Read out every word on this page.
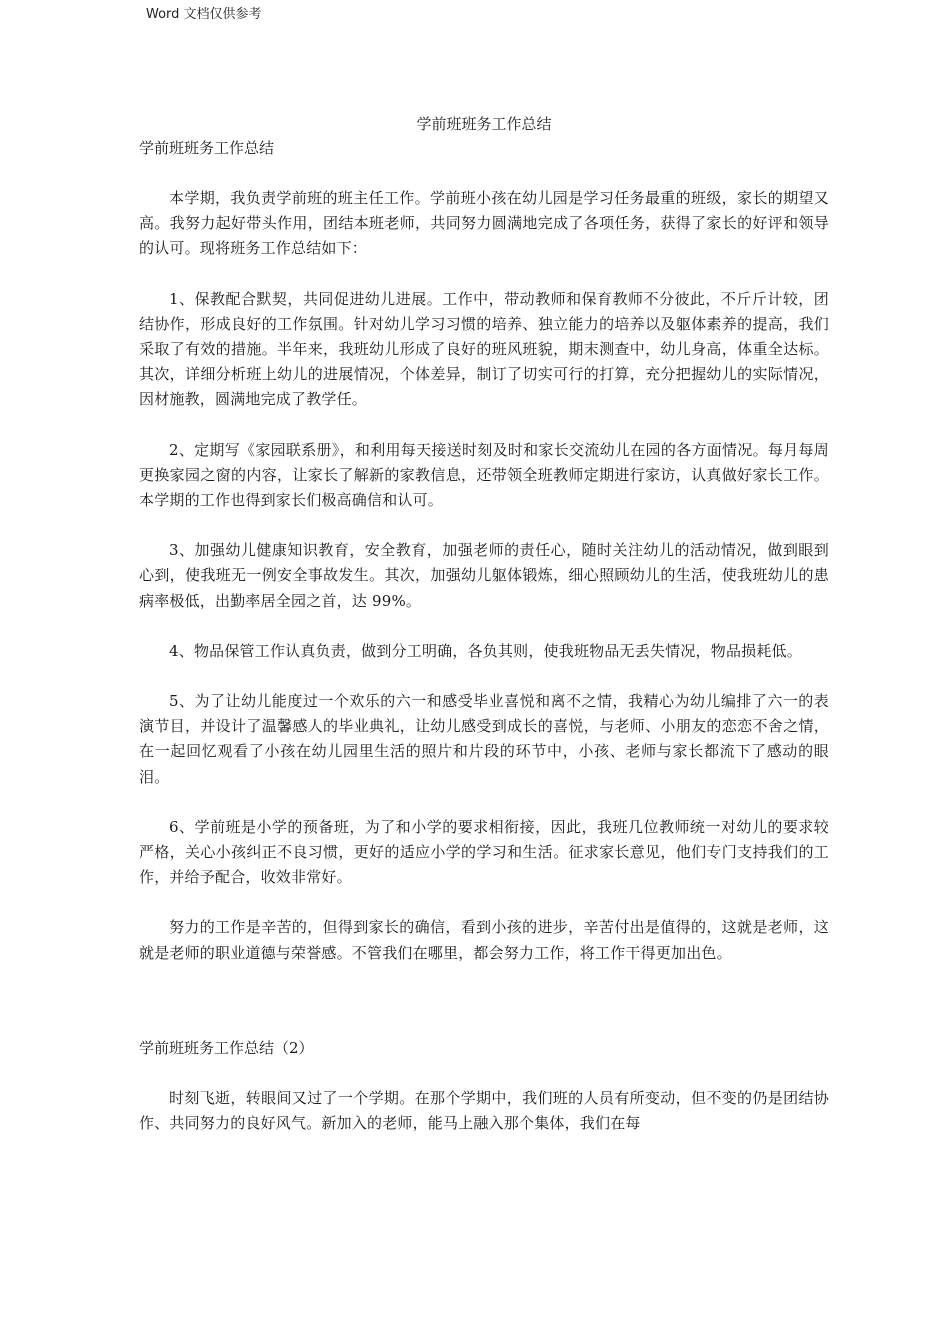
Word 文档仅供参考

学前班班务工作总结

学前班班务工作总结

本学期，我负责学前班的班主任工作。学前班小孩在幼儿园是学习任务最重的班级，家长的期望又高。我努力起好带头作用，团结本班老师，共同努力圆满地完成了各项任务，获得了家长的好评和领导的认可。现将班务工作总结如下：

1、保教配合默契，共同促进幼儿进展。工作中，带动教师和保育教师不分彼此，不斤斤计较，团结协作，形成良好的工作氛围。针对幼儿学习习惯的培养、独立能力的培养以及躯体素养的提高，我们采取了有效的措施。半年来，我班幼儿形成了良好的班风班貌，期末测查中，幼儿身高，体重全达标。其次，详细分析班上幼儿的进展情况，个体差异，制订了切实可行的打算，充分把握幼儿的实际情况，因材施教，圆满地完成了教学任。

2、定期写《家园联系册》，和利用每天接送时刻及时和家长交流幼儿在园的各方面情况。每月每周更换家园之窗的内容，让家长了解新的家教信息，还带领全班教师定期进行家访，认真做好家长工作。本学期的工作也得到家长们极高确信和认可。

3、加强幼儿健康知识教育，安全教育，加强老师的责任心，随时关注幼儿的活动情况，做到眼到心到，使我班无一例安全事故发生。其次，加强幼儿躯体锻炼，细心照顾幼儿的生活，使我班幼儿的患病率极低，出勤率居全园之首，达 99%。

4、物品保管工作认真负责，做到分工明确，各负其则，使我班物品无丢失情况，物品损耗低。

5、为了让幼儿能度过一个欢乐的六一和感受毕业喜悦和离不之情，我精心为幼儿编排了六一的表演节目，并设计了温馨感人的毕业典礼，让幼儿感受到成长的喜悦，与老师、小朋友的恋恋不舍之情，在一起回忆观看了小孩在幼儿园里生活的照片和片段的环节中，小孩、老师与家长都流下了感动的眼泪。

6、学前班是小学的预备班，为了和小学的要求相衔接，因此，我班几位教师统一对幼儿的要求较严格，关心小孩纠正不良习惯，更好的适应小学的学习和生活。征求家长意见，他们专门支持我们的工作，并给予配合，收效非常好。

努力的工作是辛苦的，但得到家长的确信，看到小孩的进步，辛苦付出是值得的，这就是老师，这就是老师的职业道德与荣誉感。不管我们在哪里，都会努力工作，将工作干得更加出色。

学前班班务工作总结（2）

时刻飞逝，转眼间又过了一个学期。在那个学期中，我们班的人员有所变动，但不变的仍是团结协作、共同努力的良好风气。新加入的老师，能马上融入那个集体，我们在每
